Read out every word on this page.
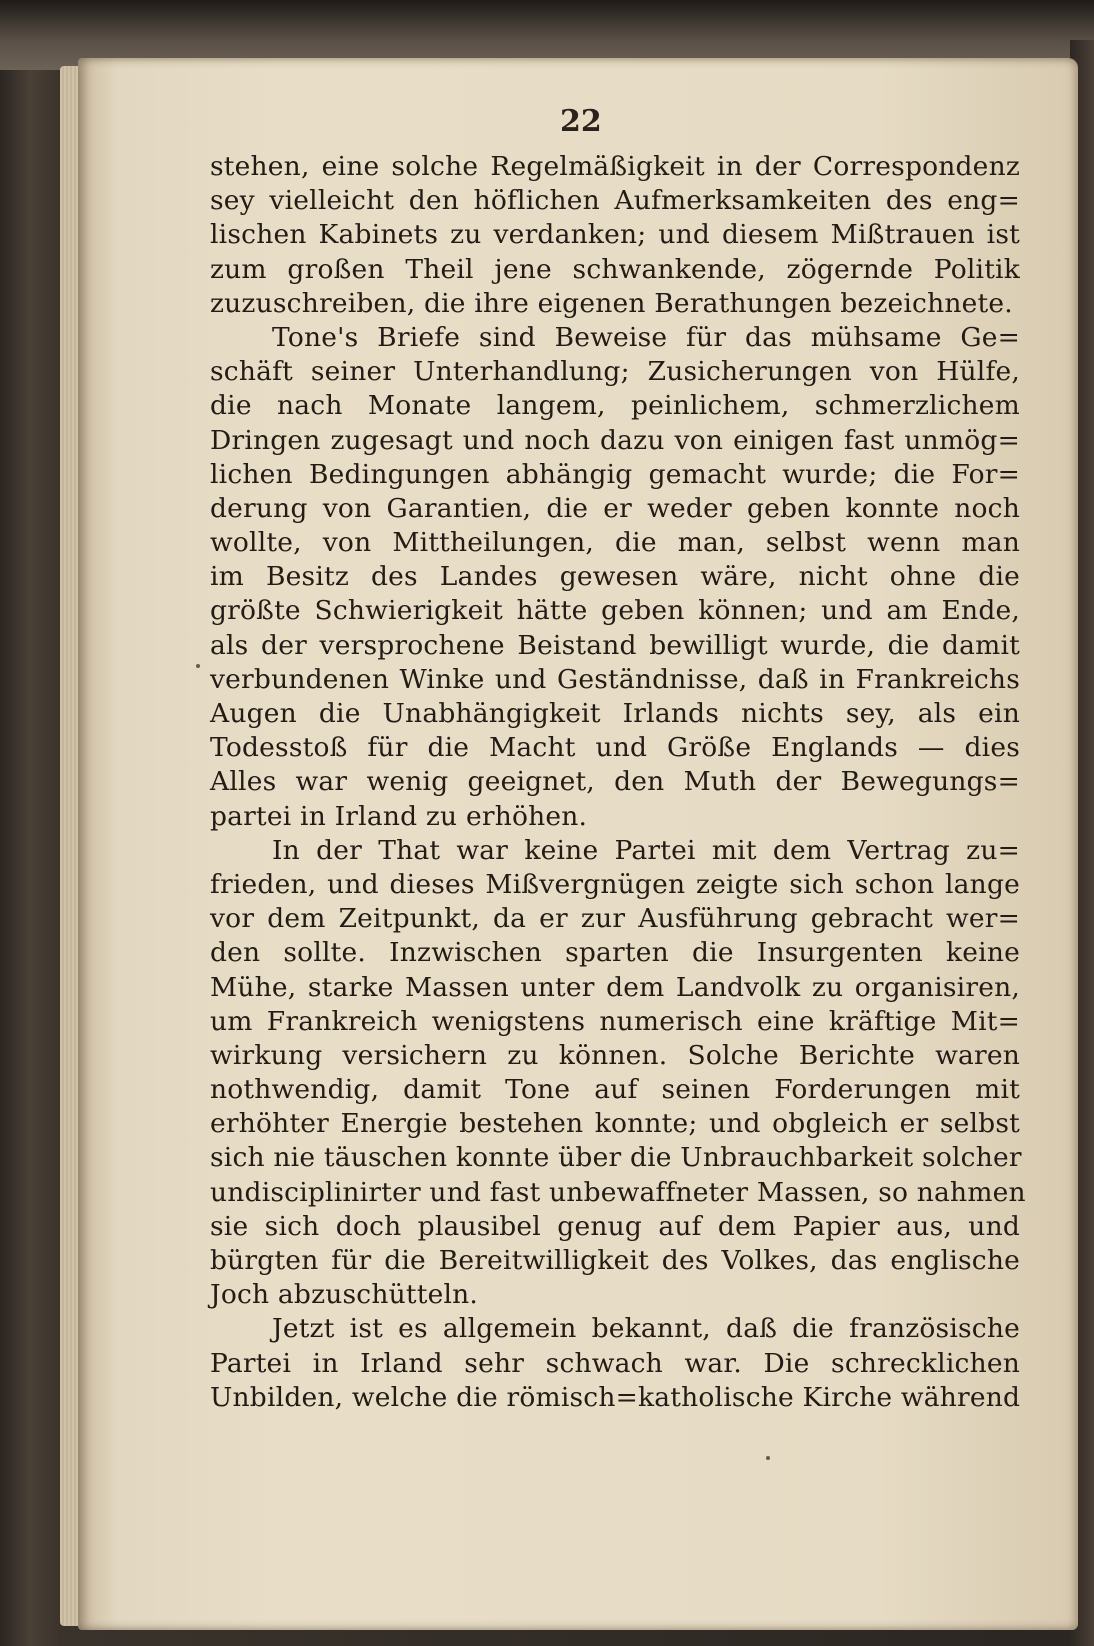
22
stehen, eine solche Regelmäßigkeit in der Correspondenz
sey vielleicht den höflichen Aufmerksamkeiten des eng=
lischen Kabinets zu verdanken; und diesem Mißtrauen ist
zum großen Theil jene schwankende, zögernde Politik
zuzuschreiben, die ihre eigenen Berathungen bezeichnete.
Tone's Briefe sind Beweise für das mühsame Ge=
schäft seiner Unterhandlung; Zusicherungen von Hülfe,
die nach Monate langem, peinlichem, schmerzlichem
Dringen zugesagt und noch dazu von einigen fast unmög=
lichen Bedingungen abhängig gemacht wurde; die For=
derung von Garantien, die er weder geben konnte noch
wollte, von Mittheilungen, die man, selbst wenn man
im Besitz des Landes gewesen wäre, nicht ohne die
größte Schwierigkeit hätte geben können; und am Ende,
als der versprochene Beistand bewilligt wurde, die damit
verbundenen Winke und Geständnisse, daß in Frankreichs
Augen die Unabhängigkeit Irlands nichts sey, als ein
Todesstoß für die Macht und Größe Englands — dies
Alles war wenig geeignet, den Muth der Bewegungs=
partei in Irland zu erhöhen.
In der That war keine Partei mit dem Vertrag zu=
frieden, und dieses Mißvergnügen zeigte sich schon lange
vor dem Zeitpunkt, da er zur Ausführung gebracht wer=
den sollte. Inzwischen sparten die Insurgenten keine
Mühe, starke Massen unter dem Landvolk zu organisiren,
um Frankreich wenigstens numerisch eine kräftige Mit=
wirkung versichern zu können. Solche Berichte waren
nothwendig, damit Tone auf seinen Forderungen mit
erhöhter Energie bestehen konnte; und obgleich er selbst
sich nie täuschen konnte über die Unbrauchbarkeit solcher
undisciplinirter und fast unbewaffneter Massen, so nahmen
sie sich doch plausibel genug auf dem Papier aus, und
bürgten für die Bereitwilligkeit des Volkes, das englische
Joch abzuschütteln.
Jetzt ist es allgemein bekannt, daß die französische
Partei in Irland sehr schwach war. Die schrecklichen
Unbilden, welche die römisch=katholische Kirche während
